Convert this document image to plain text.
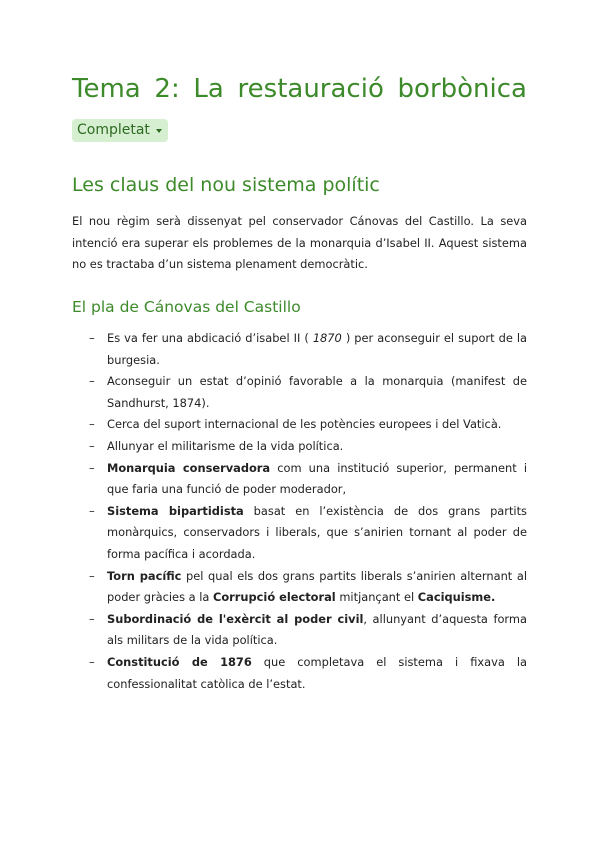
Tema 2: La restauració borbònica
Completat
Les claus del nou sistema polític

El nou règim serà dissenyat pel conservador Cánovas del Castillo. La seva intenció era superar els problemes de la monarquia d’Isabel II. Aquest sistema no es tractaba d’un sistema plenament democràtic.

El pla de Cánovas del Castillo
– Es va fer una abdicació d’isabel II ( 1870 ) per aconseguir el suport de la burgesia.
– Aconseguir un estat d’opinió favorable a la monarquia (manifest de Sandhurst, 1874).
– Cerca del suport internacional de les potències europees i del Vaticà.
– Allunyar el militarisme de la vida política.
– Monarquia conservadora com una institució superior, permanent i que faria una funció de poder moderador,
– Sistema bipartidista basat en l’existència de dos grans partits monàrquics, conservadors i liberals, que s’anirien tornant al poder de forma pacífica i acordada.
– Torn pacífic pel qual els dos grans partits liberals s’anirien alternant al poder gràcies a la Corrupció electoral mitjançant el Caciquisme.
– Subordinació de l'exèrcit al poder civil, allunyant d’aquesta forma als militars de la vida política.
– Constitució de 1876 que completava el sistema i fixava la confessionalitat catòlica de l’estat.
